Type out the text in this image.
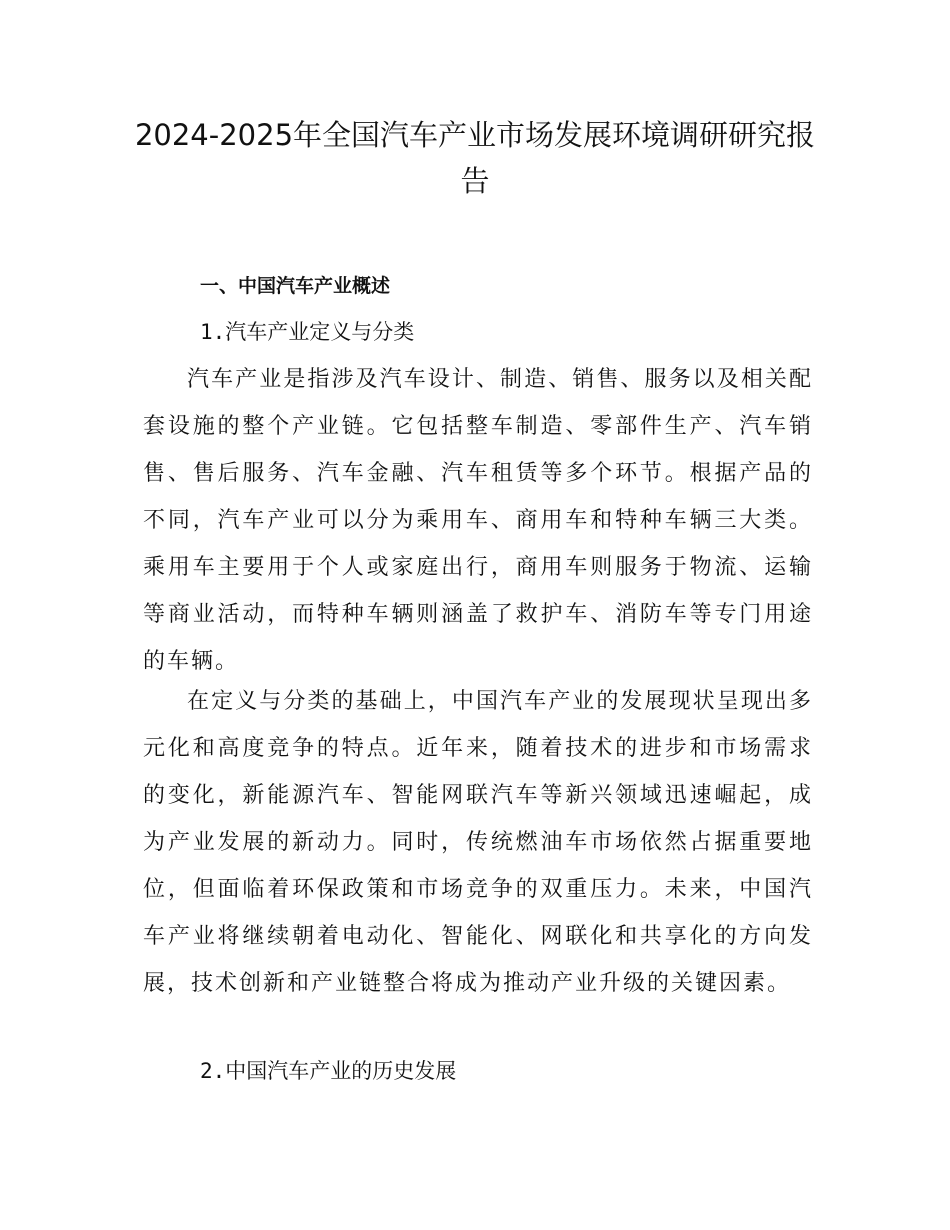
2024-2025年全国汽车产业市场发展环境调研研究报告
一、中国汽车产业概述
1.汽车产业定义与分类

汽车产业是指涉及汽车设计、制造、销售、服务以及相关配套设施的整个产业链。它包括整车制造、零部件生产、汽车销售、售后服务、汽车金融、汽车租赁等多个环节。根据产品的不同，汽车产业可以分为乘用车、商用车和特种车辆三大类。乘用车主要用于个人或家庭出行，商用车则服务于物流、运输等商业活动，而特种车辆则涵盖了救护车、消防车等专门用途的车辆。

在定义与分类的基础上，中国汽车产业的发展现状呈现出多元化和高度竞争的特点。近年来，随着技术的进步和市场需求的变化，新能源汽车、智能网联汽车等新兴领域迅速崛起，成为产业发展的新动力。同时，传统燃油车市场依然占据重要地位，但面临着环保政策和市场竞争的双重压力。未来，中国汽车产业将继续朝着电动化、智能化、网联化和共享化的方向发展，技术创新和产业链整合将成为推动产业升级的关键因素。

2.中国汽车产业的历史发展
